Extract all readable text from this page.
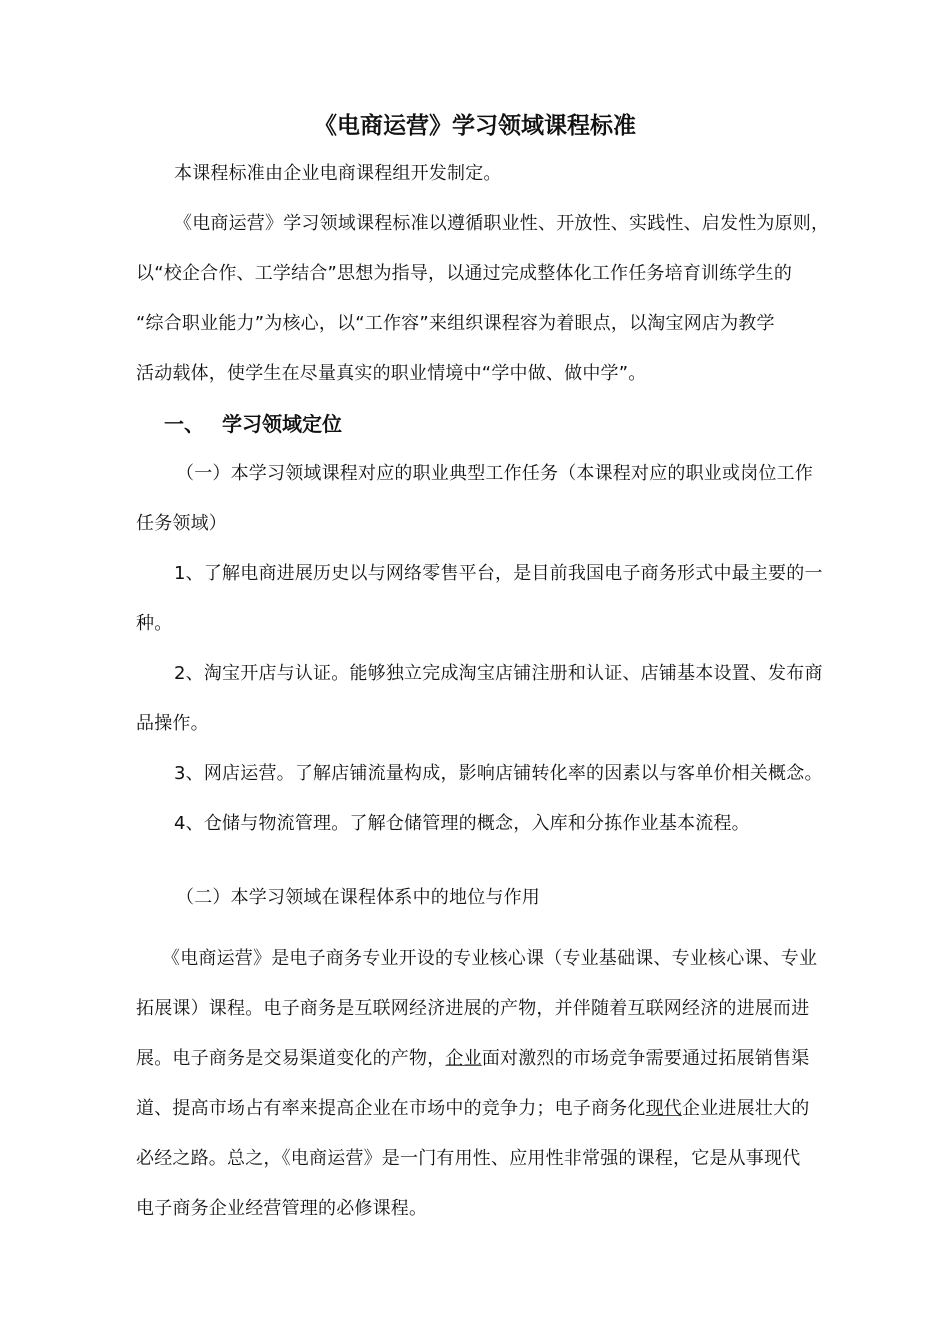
《电商运营》学习领域课程标准
本课程标准由企业电商课程组开发制定。
《电商运营》学习领域课程标准以遵循职业性、开放性、实践性、启发性为原则，
以“校企合作、工学结合”思想为指导，以通过完成整体化工作任务培育训练学生的
“综合职业能力”为核心，以“工作容”来组织课程容为着眼点，以淘宝网店为教学
活动载体，使学生在尽量真实的职业情境中“学中做、做中学”。
一、 学习领域定位
（一）本学习领域课程对应的职业典型工作任务（本课程对应的职业或岗位工作
任务领域）
1、了解电商进展历史以与网络零售平台，是目前我国电子商务形式中最主要的一
种。
2、淘宝开店与认证。能够独立完成淘宝店铺注册和认证、店铺基本设置、发布商
品操作。
3、网店运营。了解店铺流量构成，影响店铺转化率的因素以与客单价相关概念。
4、仓储与物流管理。了解仓储管理的概念，入库和分拣作业基本流程。
（二）本学习领域在课程体系中的地位与作用
《电商运营》是电子商务专业开设的专业核心课（专业基础课、专业核心课、专业
拓展课）课程。电子商务是互联网经济进展的产物，并伴随着互联网经济的进展而进
展。电子商务是交易渠道变化的产物，企业面对激烈的市场竞争需要通过拓展销售渠
道、提高市场占有率来提高企业在市场中的竞争力；电子商务化现代企业进展壮大的
必经之路。总之，《电商运营》是一门有用性、应用性非常强的课程，它是从事现代
电子商务企业经营管理的必修课程。
